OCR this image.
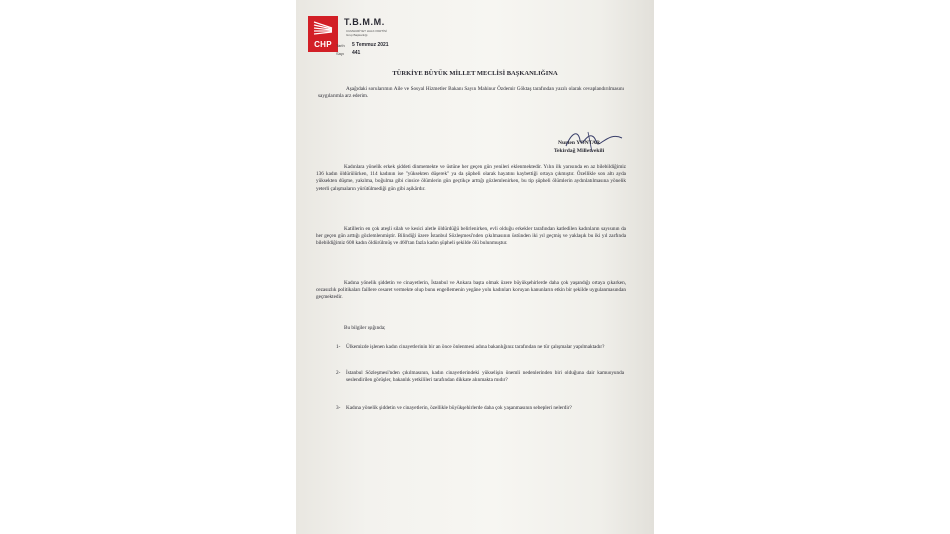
CHP
T.B.M.M.
CUMHURİYET HALK PARTİSİ
Grup Başkanlığı
Tarih 5 Temmuz 2021
Sayı 441
TÜRKİYE BÜYÜK MİLLET MECLİSİ BAŞKANLIĞINA
Aşağıdaki sorularımın Aile ve Sosyal Hizmetler Bakanı Sayın Mahinur Özdemir Göktaş tarafından yazılı olarak cevaplandırılmasını saygılarımla arz ederim.
Nurten YONTAR
Tekirdağ Milletvekili
Kadınlara yönelik erkek şiddeti dinmemekte ve üstüne her geçen gün yenileri eklenmektedir. Yılın ilk yarısında en az bilebildiğimiz 136 kadın öldürülürken, 114 kadının ise "yüksekten düşerek" ya da şüpheli olarak hayatını kaybettiği ortaya çıkmıştır. Özellikle son altı ayda yüksekten düşme, yakılma, boğulma gibi cinsice ölümlerin gün geçtikçe arttığı gözlemlenirken, bu tip şüpheli ölümlerin aydınlatılmasına yönelik yeterli çalışmaların yürütülmediği gün gibi aşikârdır.
Katillerin en çok ateşli silah ve kesici aletle öldürdüğü belirlenirken, evli olduğu erkekler tarafından katledilen kadınların sayısının da her geçen gün arttığı gözlemlenmiştir. Bilindiği üzere İstanbul Sözleşmesi'nden çıkılmasının üstünden iki yıl geçmiş ve yaklaşık bu iki yıl zarfında bilebildiğimiz 608 kadın öldürülmüş ve 460'tan fazla kadın şüpheli şekilde ölü bulunmuştur.
Kadına yönelik şiddetin ve cinayetlerin, İstanbul ve Ankara başta olmak üzere büyükşehirlerde daha çok yaşandığı ortaya çıkarken, cezasızlık politikaları faillere cesaret vermekte olup bunu engellemenin yegâne yolu kadınları koruyan kanunların etkin bir şekilde uygulanmasından geçmektedir.
Bu bilgiler ışığında;
1- Ülkemizde işlenen kadın cinayetlerinin bir an önce önlenmesi adına bakanlığınız tarafından ne tür çalışmalar yapılmaktadır?
2- İstanbul Sözleşmesi'nden çıkılmasının, kadın cinayetlerindeki yükselişin önemli nedenlerinden biri olduğuna dair kamuoyunda seslendirilen görüşler, bakanlık yetkilileri tarafından dikkate alınmakta mıdır?
3- Kadına yönelik şiddetin ve cinayetlerin, özellikle büyükşehirlerde daha çok yaşanmasının sebepleri nelerdir?
